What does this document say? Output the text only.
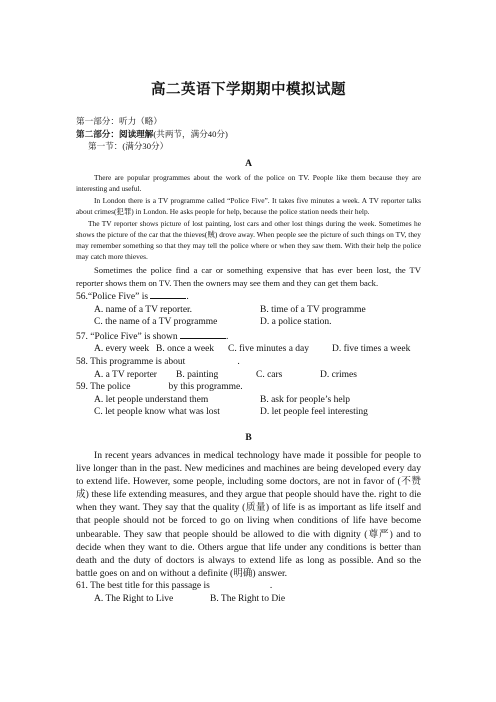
高二英语下学期期中模拟试题

第一部分：听力（略）

第二部分：阅读理解(共两节，满分40分)

第一节：(满分30分）

A

There are popular programmes about the work of the police on TV. People like them because they are interesting and useful.

In London there is a TV programme called “Police Five”. It takes five minutes a week. A TV reporter talks about crimes(犯罪) in London. He asks people for help, because the police station needs their help.

The TV reporter shows picture of lost painting, lost cars and other lost things during the week. Sometimes he shows the picture of the car that the thieves(贼) drove away. When people see the picture of such things on TV, they may remember something so that they may tell the police where or when they saw them. With their help the police may catch more thieves.

Sometimes the police find a car or something expensive that has ever been lost, the TV reporter shows them on TV. Then the owners may see them and they can get them back.

56.“Police Five” is	.

A. name of a TV reporter.	B. time of a TV programme

C. the name of a TV programme	D. a police station.

57. “Police Five” is shown	.

A. every week B. once a week C. five minutes a day D. five times a week

58. This programme is about	.

A. a TV reporter B. painting	C. cars	D. crimes

59. The police	by this programme.

A. let people understand them	B. ask for people’s help

C. let people know what was lost	D. let people feel interesting

B

In recent years advances in medical technology have made it possible for people to live longer than in the past. New medicines and machines are being developed every day to extend life. However, some people, including some doctors, are not in favor of (不赞成) these life extending measures, and they argue that people should have the. right to die when they want. They say that the quality (质量) of life is as important as life itself and that people should not be forced to go on living when conditions of life have become unbearable. They saw that people should be allowed to die with dignity (尊严) and to decide when they want to die. Others argue that life under any conditions is better than death and the duty of doctors is always to extend life as long as possible. And so the battle goes on and on without a definite (明确) answer.

61. The best title for this passage is	.

A. The Right to Live	B. The Right to Die
